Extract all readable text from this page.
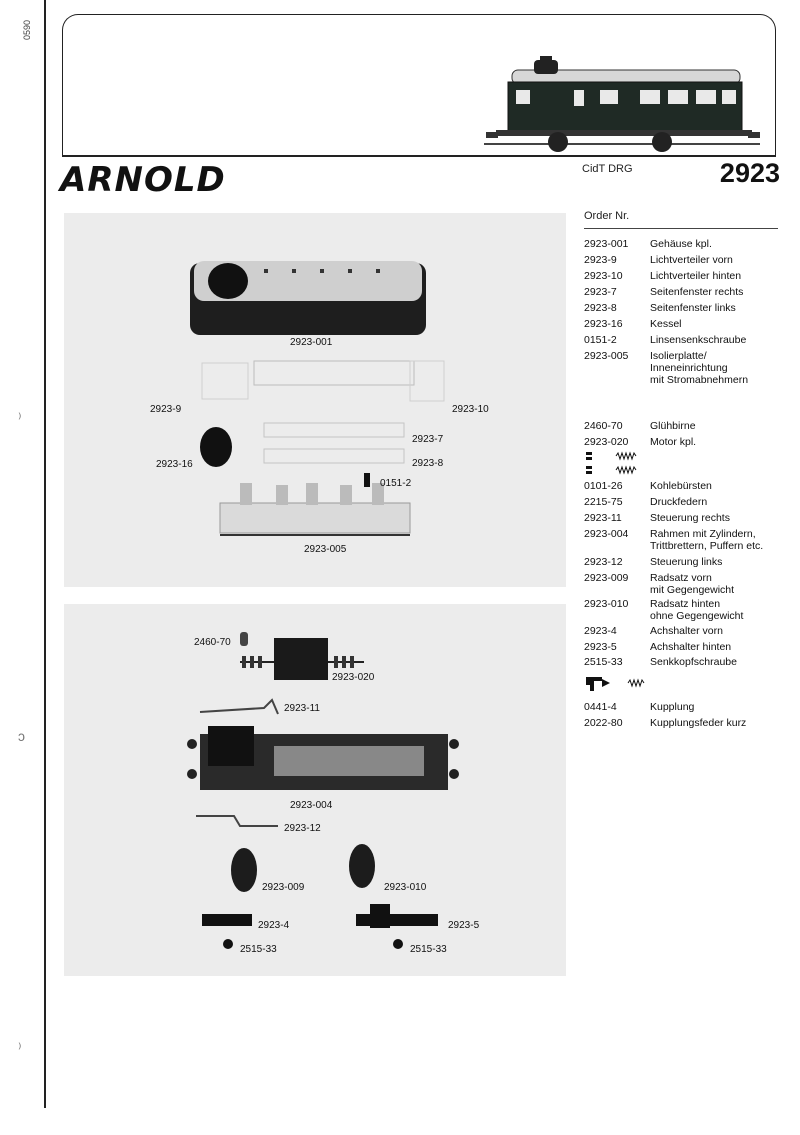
0590
⁾
ↄ
⁾
ARNOLD	CidT DRG	2923
2923-001
2923-9	2923-10
2923-7
2923-16	2923-8
0151-2
2923-005
2460-70
2923-020
2923-11
2923-004
2923-12
2923-009	2923-010
2923-4	2923-5
2515-33	2515-33
Order Nr.
2923-001	Gehäuse kpl.
2923-9	Lichtverteiler vorn
2923-10	Lichtverteiler hinten
2923-7	Seitenfenster rechts
2923-8	Seitenfenster links
2923-16	Kessel
0151-2	Linsensenkschraube
2923-005	Isolierplatte/
Inneneinrichtung
mit Stromabnehmern
2460-70	Glühbirne
2923-020	Motor kpl.
0101-26	Kohlebürsten
2215-75	Druckfedern
2923-11	Steuerung rechts
2923-004	Rahmen mit Zylindern,
Trittbrettern, Puffern etc.
2923-12	Steuerung links
2923-009	Radsatz vorn
mit Gegengewicht
2923-010	Radsatz hinten
ohne Gegengewicht
2923-4	Achshalter vorn
2923-5	Achshalter hinten
2515-33	Senkkopfschraube
0441-4	Kupplung
2022-80	Kupplungsfeder kurz
